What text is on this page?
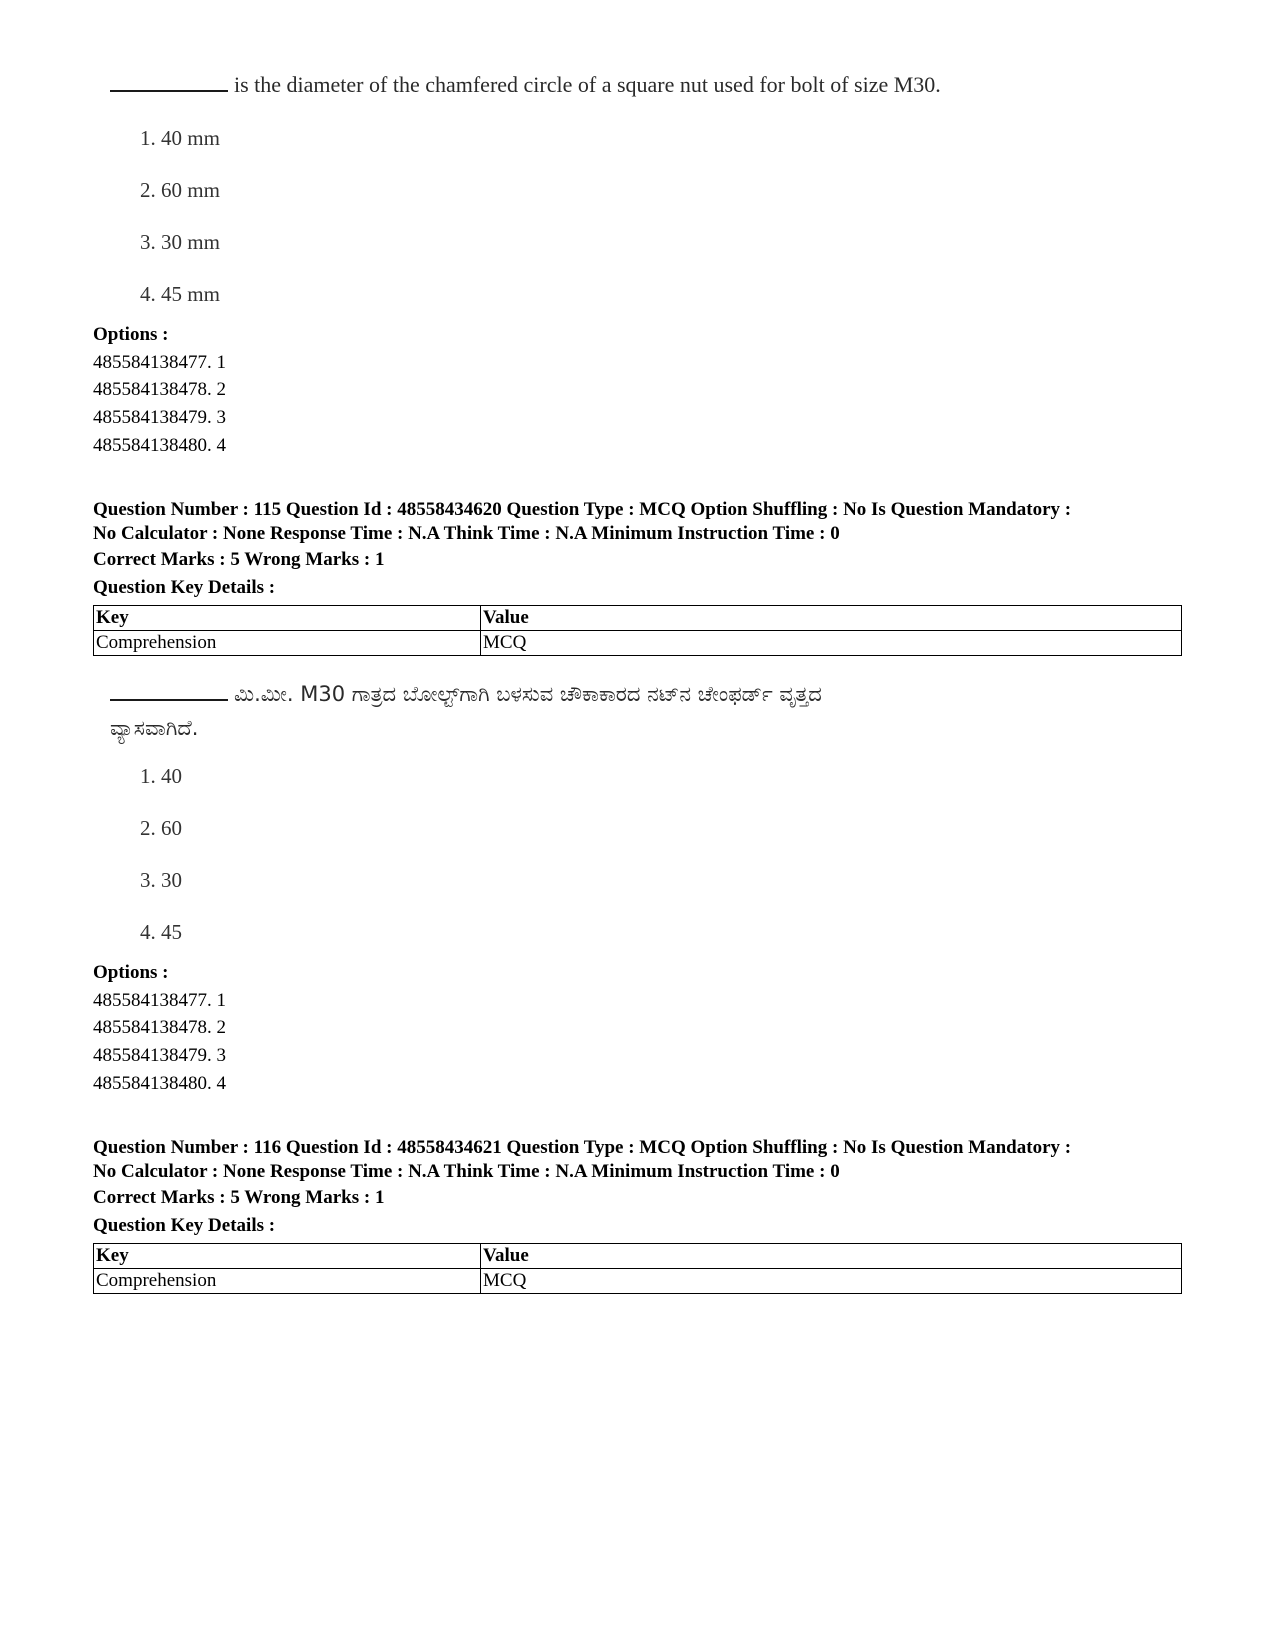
is the diameter of the chamfered circle of a square nut used for bolt of size M30.
1. 40 mm
2. 60 mm
3. 30 mm
4. 45 mm
Options :
485584138477. 1
485584138478. 2
485584138479. 3
485584138480. 4
Question Number : 115 Question Id : 48558434620 Question Type : MCQ Option Shuffling : No Is Question Mandatory :
No Calculator : None Response Time : N.A Think Time : N.A Minimum Instruction Time : 0
Correct Marks : 5 Wrong Marks : 1
Question Key Details :
Key	Value
Comprehension	MCQ
ಮಿ.ಮೀ. M30 ಗಾತ್ರದ ಬೋಲ್ಟ್‌ಗಾಗಿ ಬಳಸುವ ಚೌಕಾಕಾರದ ನಟ್‌ನ ಚೇಂಫರ್ಡ್ ವೃತ್ತದ
ವ್ಯಾಸವಾಗಿದೆ.
1. 40
2. 60
3. 30
4. 45
Options :
485584138477. 1
485584138478. 2
485584138479. 3
485584138480. 4
Question Number : 116 Question Id : 48558434621 Question Type : MCQ Option Shuffling : No Is Question Mandatory :
No Calculator : None Response Time : N.A Think Time : N.A Minimum Instruction Time : 0
Correct Marks : 5 Wrong Marks : 1
Question Key Details :
Key	Value
Comprehension	MCQ
